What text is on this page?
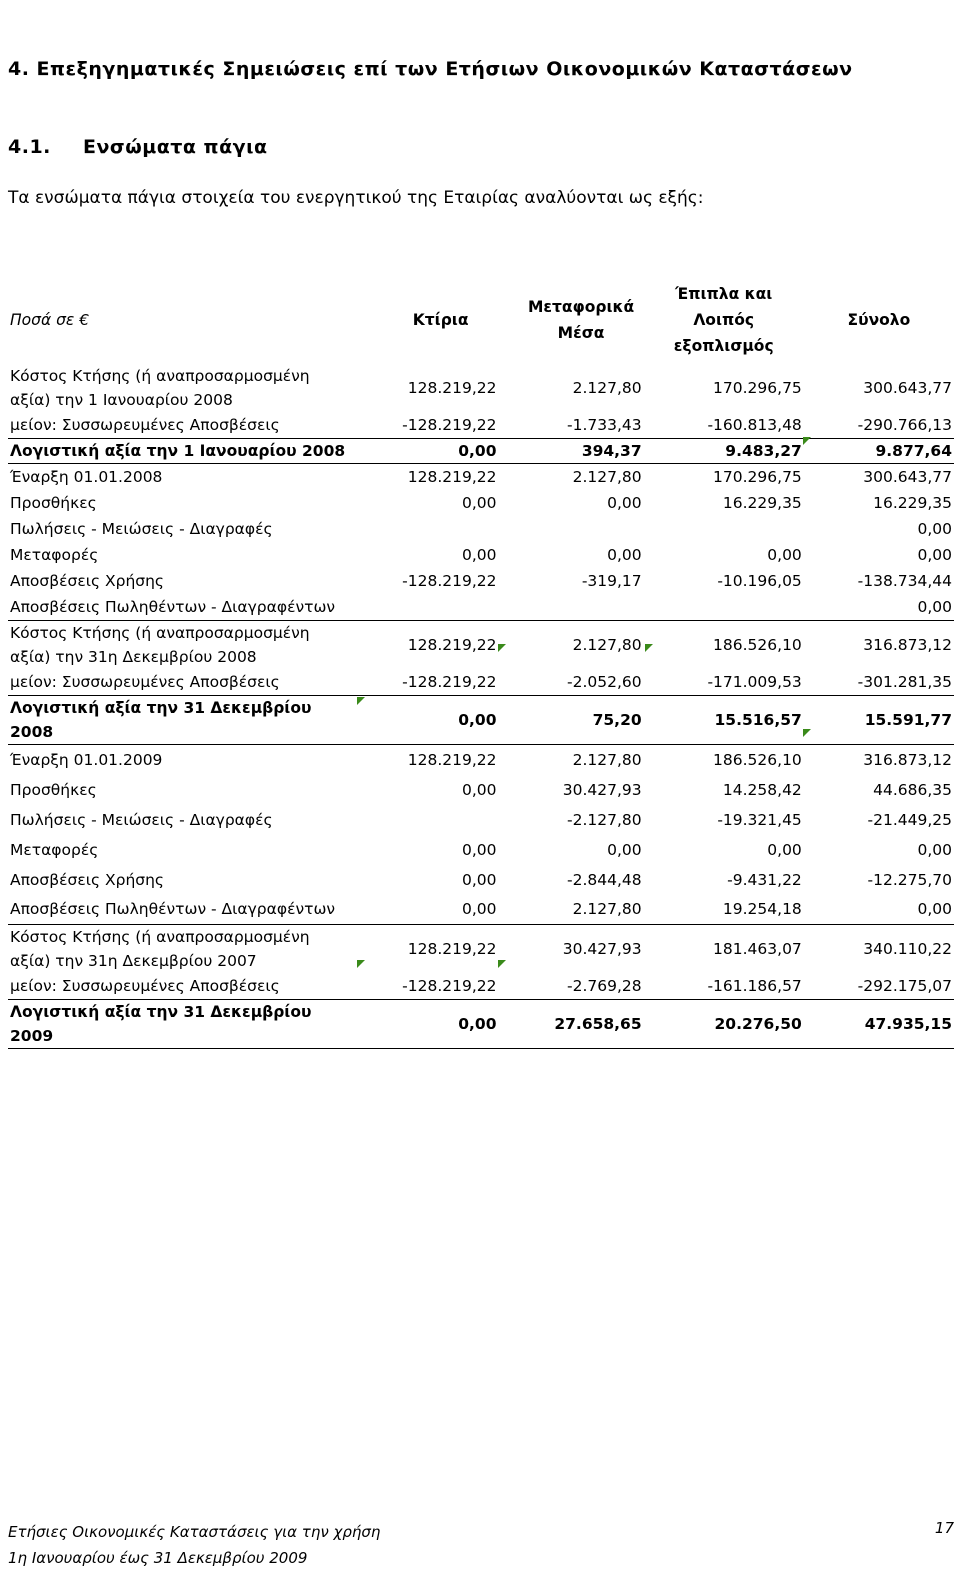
4. Επεξηγηματικές Σημειώσεις επί των Ετήσιων Οικονομικών Καταστάσεων
4.1. Ενσώματα πάγια
Τα ενσώματα πάγια στοιχεία του ενεργητικού της Εταιρίας αναλύονται ως εξής:
Ποσά σε €	Κτίρια	Μεταφορικά Μέσα	Έπιπλα και Λοιπός εξοπλισμός	Σύνολο
Κόστος Κτήσης (ή αναπροσαρμοσμένη αξία) την 1 Ιανουαρίου 2008	128.219,22	2.127,80	170.296,75	300.643,77
μείον: Συσσωρευμένες Αποσβέσεις	-128.219,22	-1.733,43	-160.813,48	-290.766,13
Λογιστική αξία την 1 Ιανουαρίου 2008	0,00	394,37	9.483,27	9.877,64
Έναρξη 01.01.2008	128.219,22	2.127,80	170.296,75	300.643,77
Προσθήκες	0,00	0,00	16.229,35	16.229,35
Πωλήσεις - Μειώσεις - Διαγραφές				0,00
Μεταφορές	0,00	0,00	0,00	0,00
Αποσβέσεις Χρήσης	-128.219,22	-319,17	-10.196,05	-138.734,44
Αποσβέσεις Πωληθέντων - Διαγραφέντων				0,00
Κόστος Κτήσης (ή αναπροσαρμοσμένη αξία) την 31η Δεκεμβρίου 2008	128.219,22	2.127,80	186.526,10	316.873,12
μείον: Συσσωρευμένες Αποσβέσεις	-128.219,22	-2.052,60	-171.009,53	-301.281,35
Λογιστική αξία την 31 Δεκεμβρίου 2008	0,00	75,20	15.516,57	15.591,77
Έναρξη 01.01.2009	128.219,22	2.127,80	186.526,10	316.873,12
Προσθήκες	0,00	30.427,93	14.258,42	44.686,35
Πωλήσεις - Μειώσεις - Διαγραφές		-2.127,80	-19.321,45	-21.449,25
Μεταφορές	0,00	0,00	0,00	0,00
Αποσβέσεις Χρήσης	0,00	-2.844,48	-9.431,22	-12.275,70
Αποσβέσεις Πωληθέντων - Διαγραφέντων	0,00	2.127,80	19.254,18	0,00
Κόστος Κτήσης (ή αναπροσαρμοσμένη αξία) την 31η Δεκεμβρίου 2007	128.219,22	30.427,93	181.463,07	340.110,22
μείον: Συσσωρευμένες Αποσβέσεις	-128.219,22	-2.769,28	-161.186,57	-292.175,07
Λογιστική αξία την 31 Δεκεμβρίου 2009	0,00	27.658,65	20.276,50	47.935,15
Ετήσιες Οικονομικές Καταστάσεις για την χρήση
1η Ιανουαρίου έως 31 Δεκεμβρίου 2009
17
